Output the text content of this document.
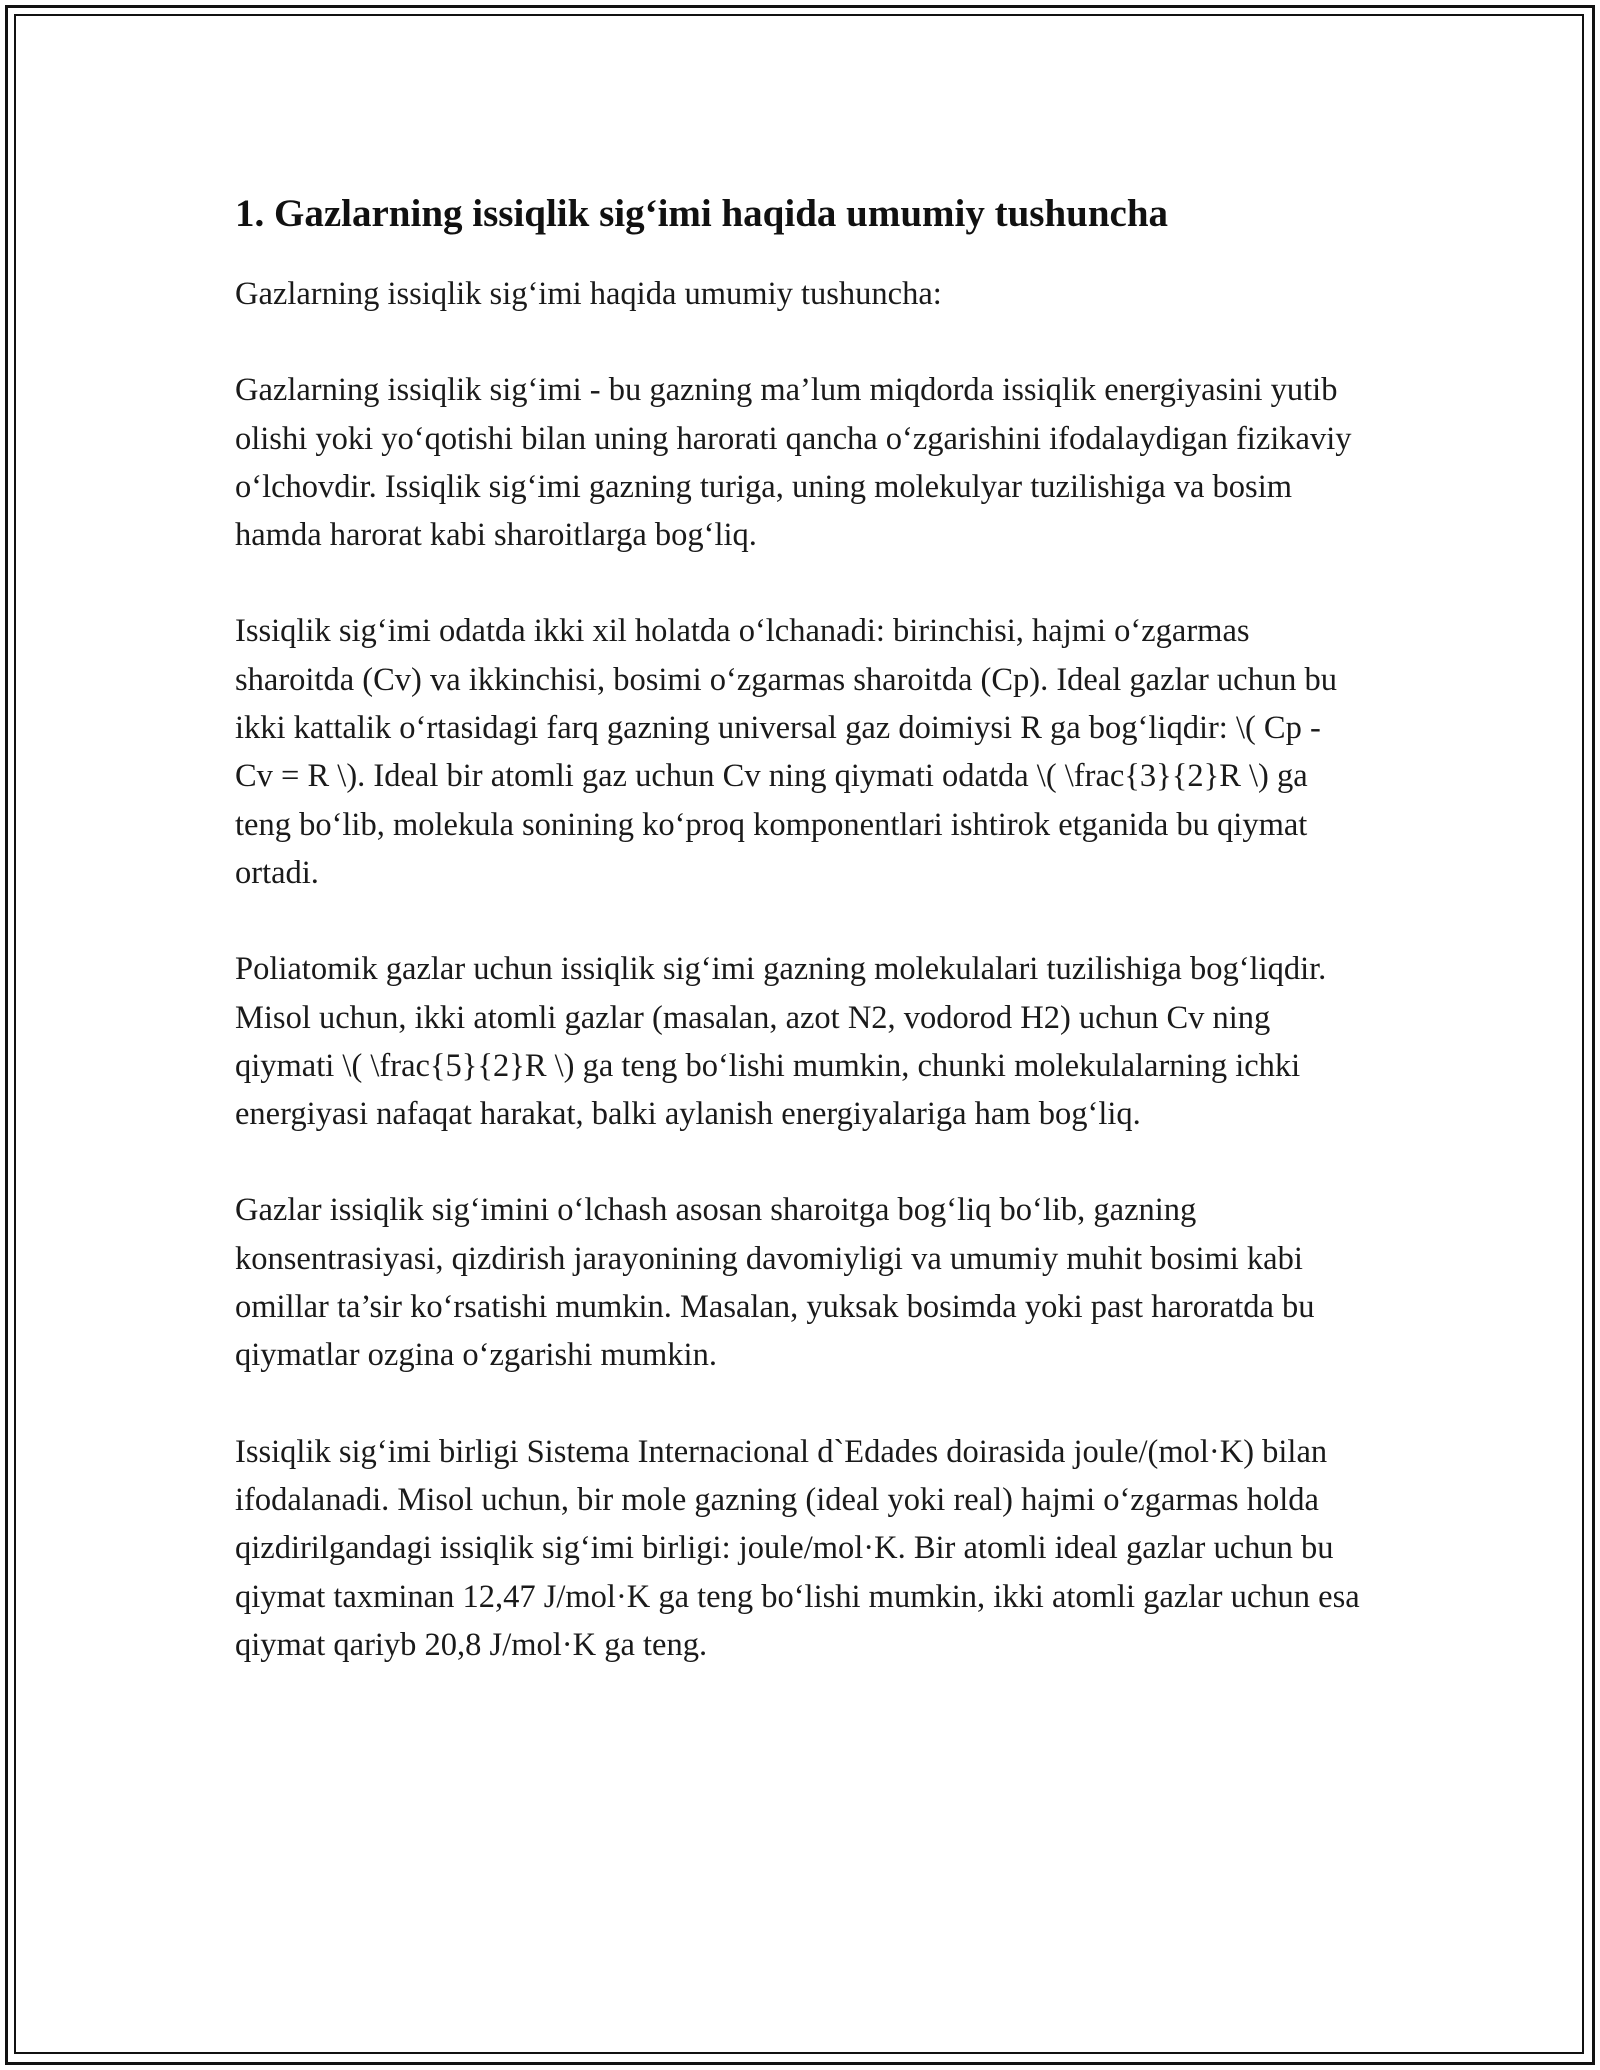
1. Gazlarning issiqlik sig‘imi haqida umumiy tushuncha

Gazlarning issiqlik sig‘imi haqida umumiy tushuncha:

Gazlarning issiqlik sig‘imi - bu gazning ma’lum miqdorda issiqlik energiyasini yutib olishi yoki yo‘qotishi bilan uning harorati qancha o‘zgarishini ifodalaydigan fizikaviy o‘lchovdir. Issiqlik sig‘imi gazning turiga, uning molekulyar tuzilishiga va bosim hamda harorat kabi sharoitlarga bog‘liq.

Issiqlik sig‘imi odatda ikki xil holatda o‘lchanadi: birinchisi, hajmi o‘zgarmas sharoitda (Cv) va ikkinchisi, bosimi o‘zgarmas sharoitda (Cp). Ideal gazlar uchun bu ikki kattalik o‘rtasidagi farq gazning universal gaz doimiysi R ga bog‘liqdir: \( Cp - Cv = R \). Ideal bir atomli gaz uchun Cv ning qiymati odatda \( \frac{3}{2}R \) ga teng bo‘lib, molekula sonining ko‘proq komponentlari ishtirok etganida bu qiymat ortadi.

Poliatomik gazlar uchun issiqlik sig‘imi gazning molekulalari tuzilishiga bog‘liqdir. Misol uchun, ikki atomli gazlar (masalan, azot N2, vodorod H2) uchun Cv ning qiymati \( \frac{5}{2}R \) ga teng bo‘lishi mumkin, chunki molekulalarning ichki energiyasi nafaqat harakat, balki aylanish energiyalariga ham bog‘liq.

Gazlar issiqlik sig‘imini o‘lchash asosan sharoitga bog‘liq bo‘lib, gazning konsentrasiyasi, qizdirish jarayonining davomiyligi va umumiy muhit bosimi kabi omillar ta’sir ko‘rsatishi mumkin. Masalan, yuksak bosimda yoki past haroratda bu qiymatlar ozgina o‘zgarishi mumkin.

Issiqlik sig‘imi birligi Sistema Internacional d`Edades doirasida joule/(mol·K) bilan ifodalanadi. Misol uchun, bir mole gazning (ideal yoki real) hajmi o‘zgarmas holda qizdirilgandagi issiqlik sig‘imi birligi: joule/mol·K. Bir atomli ideal gazlar uchun bu qiymat taxminan 12,47 J/mol·K ga teng bo‘lishi mumkin, ikki atomli gazlar uchun esa qiymat qariyb 20,8 J/mol·K ga teng.
